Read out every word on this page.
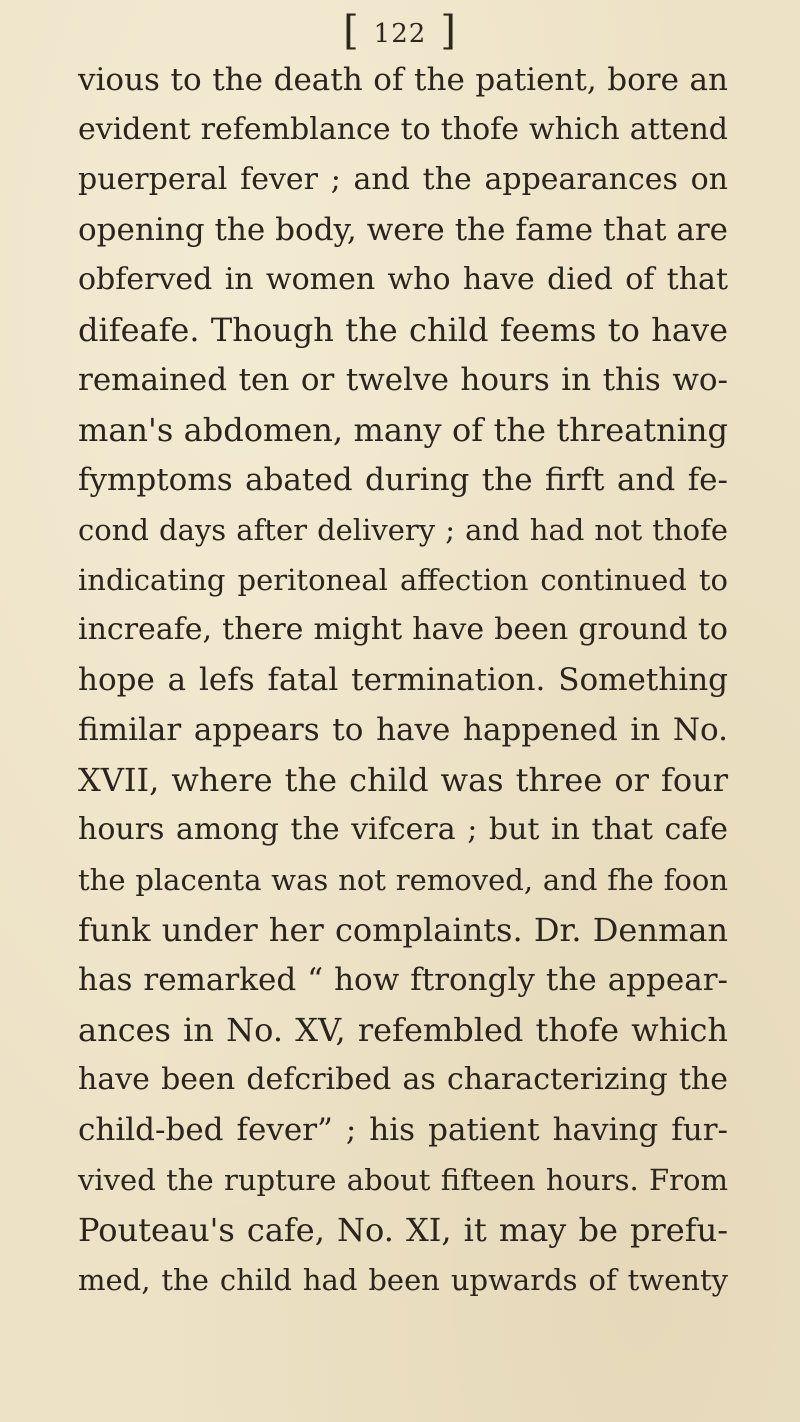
[ 122 ]
vious to the death of the patient, bore an
evident refemblance to thofe which attend
puerperal fever ; and the appearances on
opening the body, were the fame that are
obferved in women who have died of that
difeafe. Though the child feems to have
remained ten or twelve hours in this wo-
man's abdomen, many of the threatning
fymptoms abated during the firft and fe-
cond days after delivery ; and had not thofe
indicating peritoneal affection continued to
increafe, there might have been ground to
hope a lefs fatal termination. Something
fimilar appears to have happened in No.
XVII, where the child was three or four
hours among the vifcera ; but in that cafe
the placenta was not removed, and fhe foon
funk under her complaints. Dr. Denman
has remarked “ how ftrongly the appear-
ances in No. XV, refembled thofe which
have been defcribed as characterizing the
child-bed fever” ; his patient having fur-
vived the rupture about fifteen hours. From
Pouteau's cafe, No. XI, it may be prefu-
med, the child had been upwards of twenty
